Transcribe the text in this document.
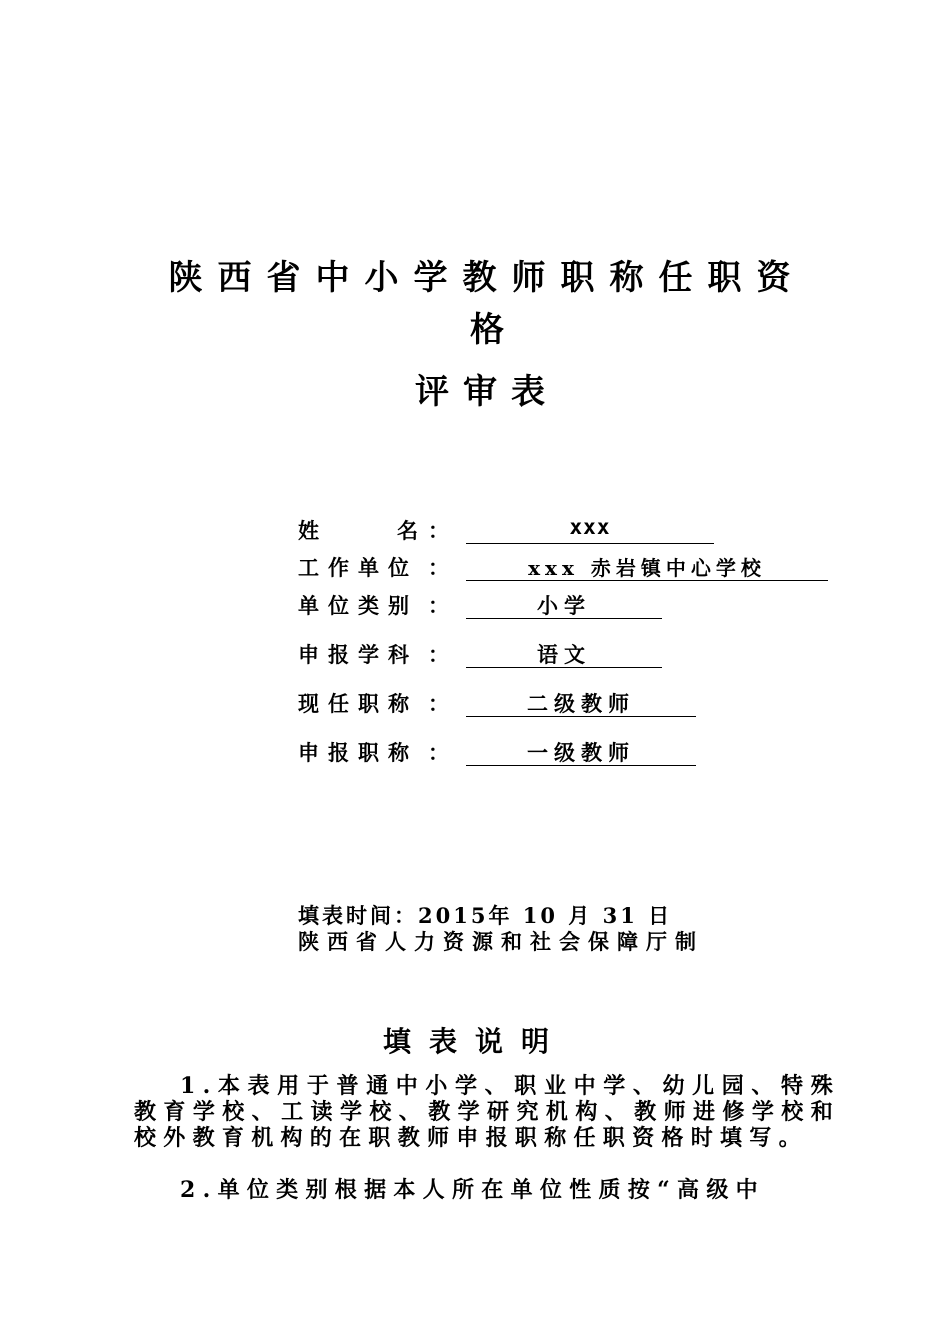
陕西省中小学教师职称任职资
格
评审表
姓	名 ：	xxx
工作单位 ：	xxx 赤岩镇中心学校
单位类别 ：	小学
申报学科 ：	语文
现任职称 ：	二级教师
申报职称 ：	一级教师
填表时间：2015年 10 月 31 日
陕西省人力资源和社会保障厅制
填表说明
1.本表用于普通中小学、职业中学、幼儿园、特殊教育学校、工读学校、教学研究机构、教师进修学校和校外教育机构的在职教师申报职称任职资格时填写。
2.单位类别根据本人所在单位性质按“高级中
